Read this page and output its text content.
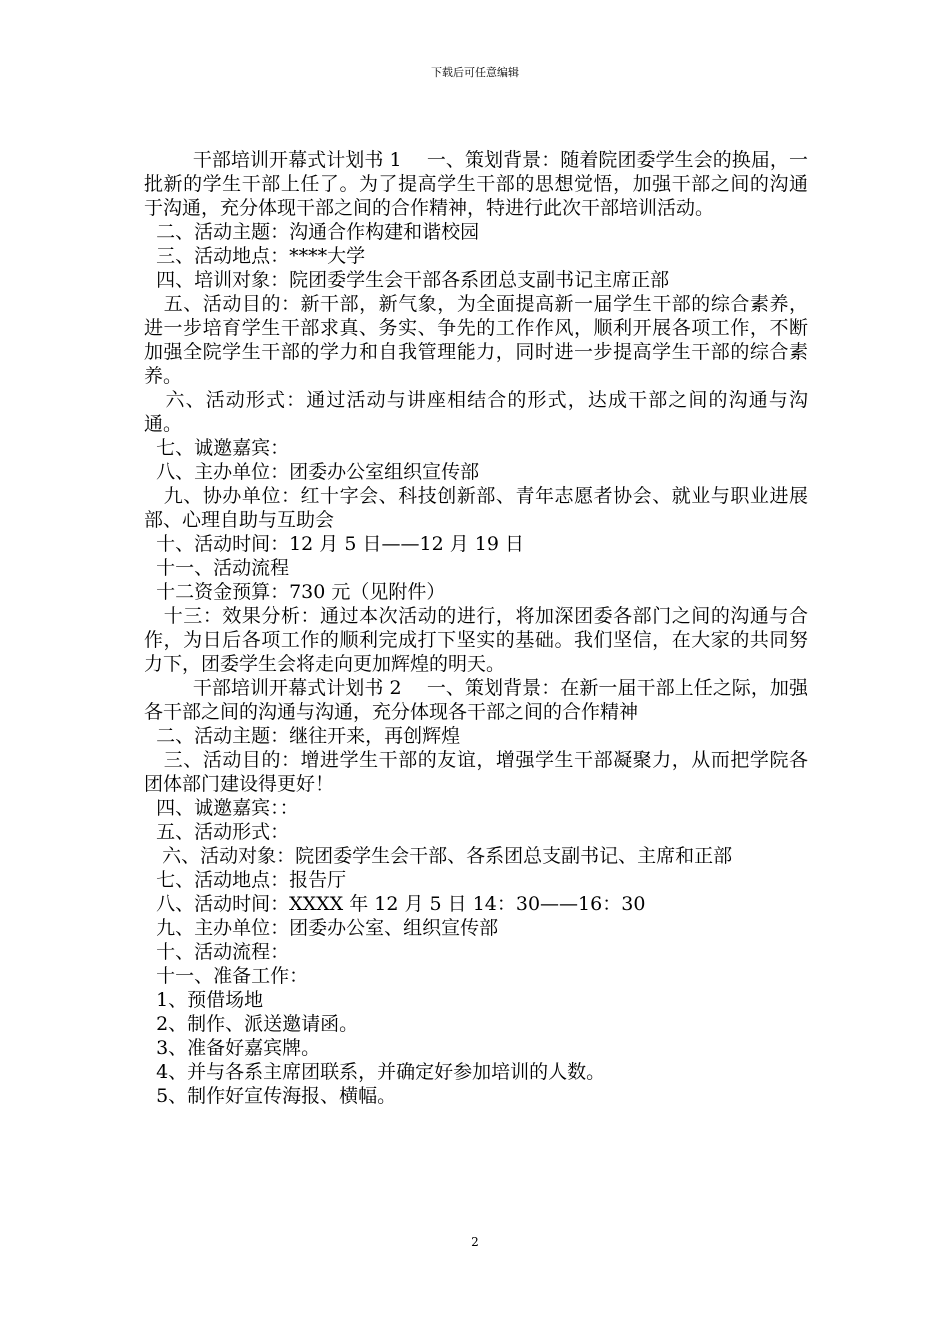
下载后可任意编辑

干部培训开幕式计划书 1　 一、策划背景：随着院团委学生会的换届，一批新的学生干部上任了。为了提高学生干部的思想觉悟，加强干部之间的沟通于沟通，充分体现干部之间的合作精神，特进行此次干部培训活动。

二、活动主题：沟通合作构建和谐校园

三、活动地点：****大学

四、培训对象：院团委学生会干部各系团总支副书记主席正部

五、活动目的：新干部，新气象，为全面提高新一届学生干部的综合素养，进一步培育学生干部求真、务实、争先的工作作风，顺利开展各项工作，不断加强全院学生干部的学力和自我管理能力，同时进一步提高学生干部的综合素养。

六、活动形式：通过活动与讲座相结合的形式，达成干部之间的沟通与沟通。

七、诚邀嘉宾：

八、主办单位：团委办公室组织宣传部

九、协办单位：红十字会、科技创新部、青年志愿者协会、就业与职业进展部、心理自助与互助会

十、活动时间：12 月 5 日——12 月 19 日

十一、活动流程

十二资金预算：730 元（见附件）

十三：效果分析：通过本次活动的进行，将加深团委各部门之间的沟通与合作，为日后各项工作的顺利完成打下坚实的基础。我们坚信，在大家的共同努力下，团委学生会将走向更加辉煌的明天。

干部培训开幕式计划书 2　 一、策划背景：在新一届干部上任之际，加强各干部之间的沟通与沟通，充分体现各干部之间的合作精神

二、活动主题：继往开来，再创辉煌

三、活动目的：增进学生干部的友谊，增强学生干部凝聚力，从而把学院各团体部门建设得更好！

四、诚邀嘉宾：：

五、活动形式：

六、活动对象：院团委学生会干部、各系团总支副书记、主席和正部

七、活动地点：报告厅

八、活动时间：XXXX 年 12 月 5 日 14：30——16：30

九、主办单位：团委办公室、组织宣传部

十、活动流程：

十一、准备工作：

1、预借场地

2、制作、派送邀请函。

3、准备好嘉宾牌。

4、并与各系主席团联系，并确定好参加培训的人数。

5、制作好宣传海报、横幅。

2
